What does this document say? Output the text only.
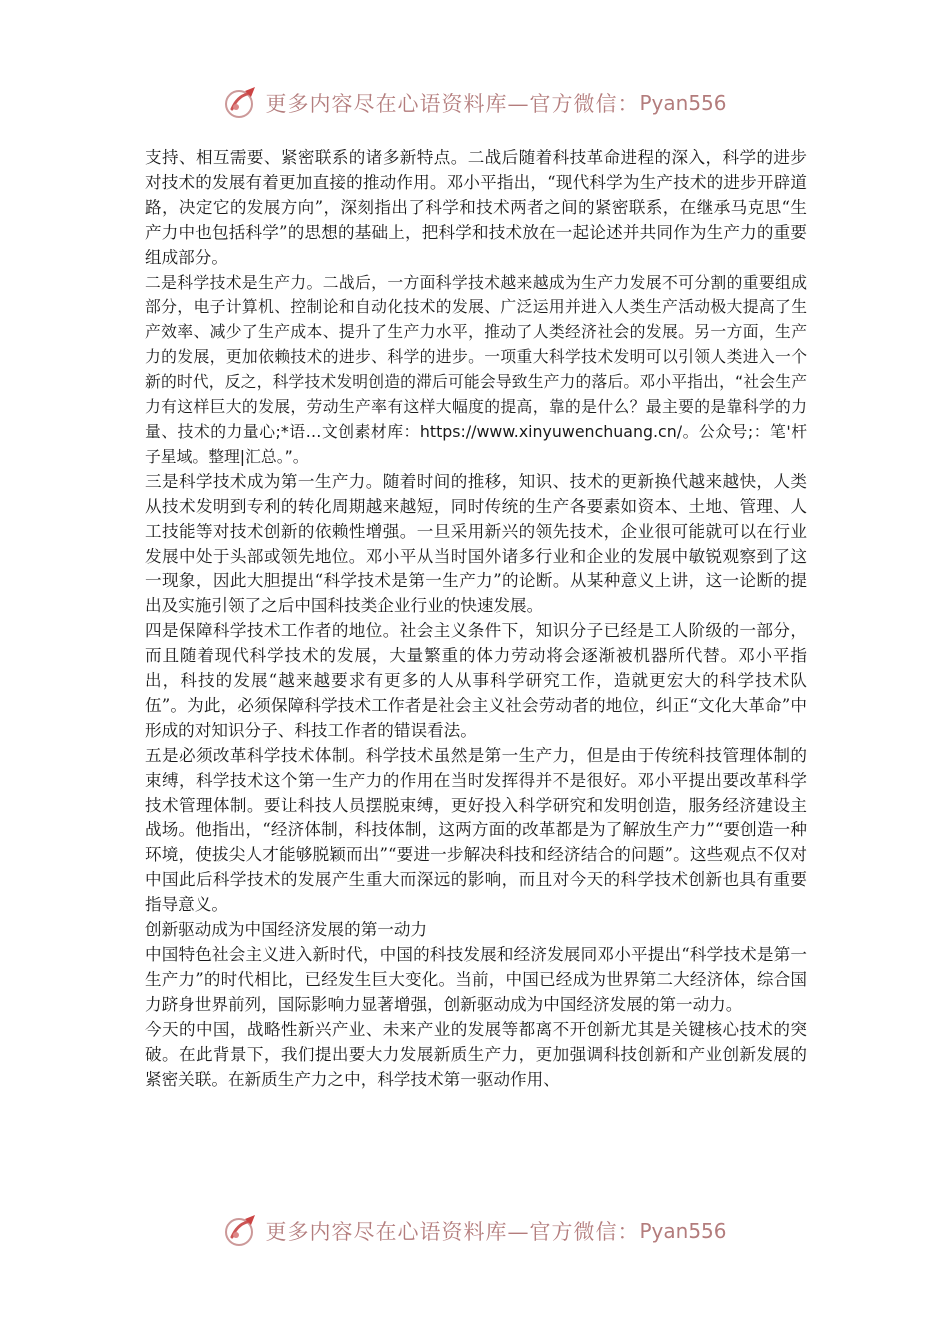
更多内容尽在心语资料库—官方微信： Pyan556

支持、相互需要、紧密联系的诸多新特点。二战后随着科技革命进程的深入，科学的进步对技术的发展有着更加直接的推动作用。邓小平指出，“现代科学为生产技术的进步开辟道路，决定它的发展方向”，深刻指出了科学和技术两者之间的紧密联系，在继承马克思“生产力中也包括科学”的思想的基础上，把科学和技术放在一起论述并共同作为生产力的重要组成部分。

二是科学技术是生产力。二战后，一方面科学技术越来越成为生产力发展不可分割的重要组成部分，电子计算机、控制论和自动化技术的发展、广泛运用并进入人类生产活动极大提高了生产效率、减少了生产成本、提升了生产力水平，推动了人类经济社会的发展。另一方面，生产力的发展，更加依赖技术的进步、科学的进步。一项重大科学技术发明可以引领人类进入一个新的时代，反之，科学技术发明创造的滞后可能会导致生产力的落后。邓小平指出，“社会生产力有这样巨大的发展，劳动生产率有这样大幅度的提高，靠的是什么？最主要的是靠科学的力量、技术的力量心;*语…文创素材库：https://www.xinyuwenchuang.cn/。公众号;：笔'杆子星域。整理|汇总。”。

三是科学技术成为第一生产力。随着时间的推移，知识、技术的更新换代越来越快，人类从技术发明到专利的转化周期越来越短，同时传统的生产各要素如资本、土地、管理、人工技能等对技术创新的依赖性增强。一旦采用新兴的领先技术，企业很可能就可以在行业发展中处于头部或领先地位。邓小平从当时国外诸多行业和企业的发展中敏锐观察到了这一现象，因此大胆提出“科学技术是第一生产力”的论断。从某种意义上讲，这一论断的提出及实施引领了之后中国科技类企业行业的快速发展。

四是保障科学技术工作者的地位。社会主义条件下，知识分子已经是工人阶级的一部分，而且随着现代科学技术的发展，大量繁重的体力劳动将会逐渐被机器所代替。邓小平指出，科技的发展“越来越要求有更多的人从事科学研究工作，造就更宏大的科学技术队伍”。为此，必须保障科学技术工作者是社会主义社会劳动者的地位，纠正“文化大革命”中形成的对知识分子、科技工作者的错误看法。

五是必须改革科学技术体制。科学技术虽然是第一生产力，但是由于传统科技管理体制的束缚，科学技术这个第一生产力的作用在当时发挥得并不是很好。邓小平提出要改革科学技术管理体制。要让科技人员摆脱束缚，更好投入科学研究和发明创造，服务经济建设主战场。他指出，“经济体制，科技体制，这两方面的改革都是为了解放生产力”“要创造一种环境，使拔尖人才能够脱颖而出”“要进一步解决科技和经济结合的问题”。这些观点不仅对中国此后科学技术的发展产生重大而深远的影响，而且对今天的科学技术创新也具有重要指导意义。

创新驱动成为中国经济发展的第一动力

中国特色社会主义进入新时代，中国的科技发展和经济发展同邓小平提出“科学技术是第一生产力”的时代相比，已经发生巨大变化。当前，中国已经成为世界第二大经济体，综合国力跻身世界前列，国际影响力显著增强，创新驱动成为中国经济发展的第一动力。

今天的中国，战略性新兴产业、未来产业的发展等都离不开创新尤其是关键核心技术的突破。在此背景下，我们提出要大力发展新质生产力，更加强调科技创新和产业创新发展的紧密关联。在新质生产力之中，科学技术第一驱动作用、

更多内容尽在心语资料库—官方微信： Pyan556
